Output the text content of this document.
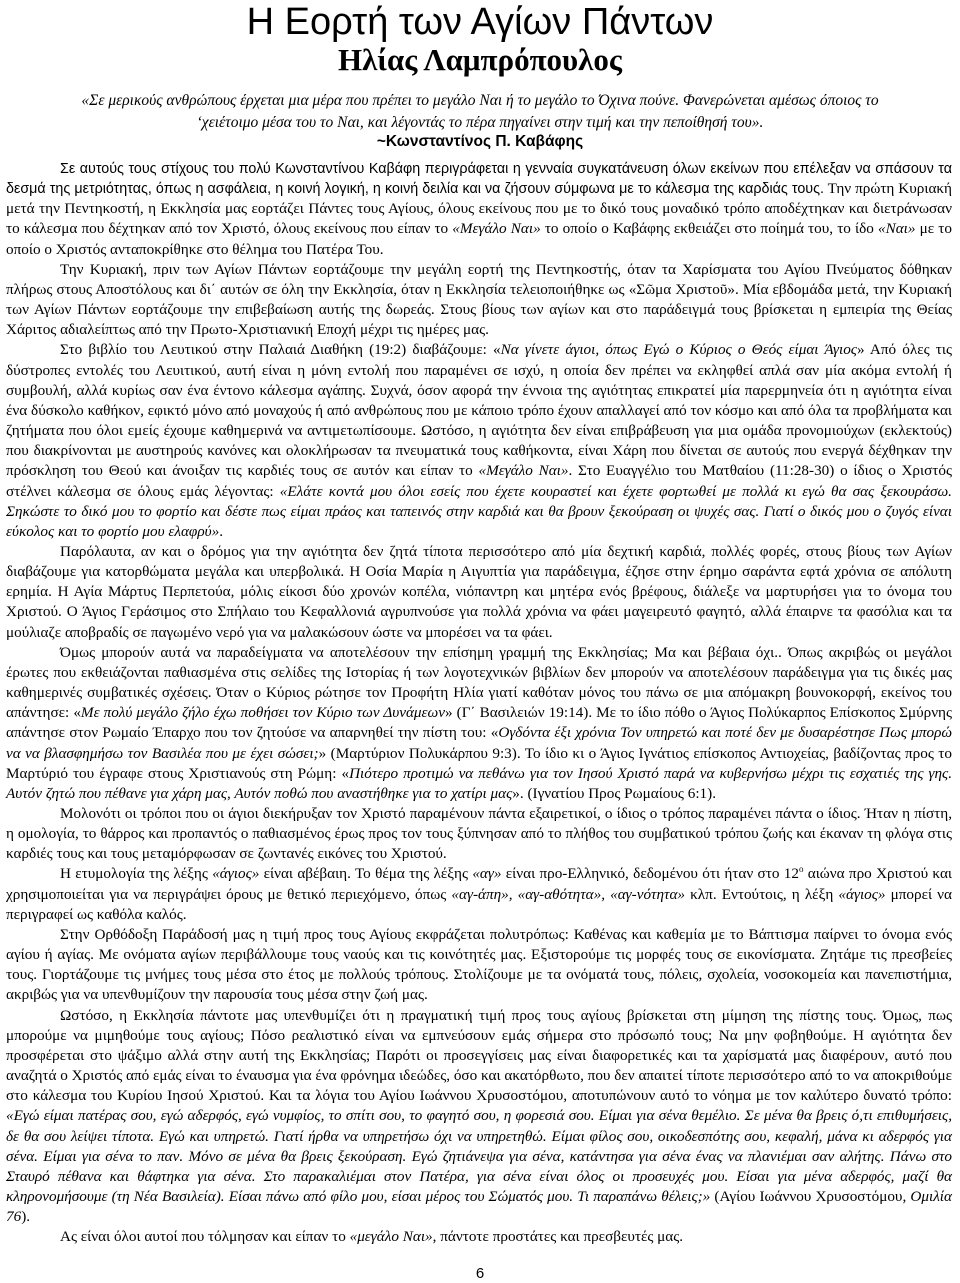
Η Εορτή των Αγίων Πάντων
Ηλίας Λαμπρόπουλος

«Σε μερικούς ανθρώπους έρχεται μια μέρα που πρέπει το μεγάλο Ναι ή το μεγάλο το Όχινα πούνε. Φανερώνεται αμέσως όποιος το ‘χειέτοιμο μέσα του το Ναι, και λέγοντάς το πέρα πηγαίνει στην τιμή και την πεποίθησή του».

~Κωνσταντίνος Π. Καβάφης

Σε αυτούς τους στίχους του πολύ Κωνσταντίνου Καβάφη περιγράφεται η γενναία συγκατάνευση όλων εκείνων που επέλεξαν να σπάσουν τα δεσμά της μετριότητας, όπως η ασφάλεια, η κοινή λογική, η κοινή δειλία και να ζήσουν σύμφωνα με το κάλεσμα της καρδιάς τους. Την πρώτη Κυριακή μετά την Πεντηκοστή, η Εκκλησία μας εορτάζει Πάντες τους Αγίους, όλους εκείνους που με το δικό τους μοναδικό τρόπο αποδέχτηκαν και διετράνωσαν το κάλεσμα που δέχτηκαν από τον Χριστό, όλους εκείνους που είπαν το «Μεγάλο Ναι» το οποίο ο Καβάφης εκθειάζει στο ποίημά του, το ίδο «Ναι» με το οποίο ο Χριστός ανταποκρίθηκε στο θέλημα του Πατέρα Του.

Την Κυριακή, πριν των Αγίων Πάντων εορτάζουμε την μεγάλη εορτή της Πεντηκοστής, όταν τα Χαρίσματα του Αγίου Πνεύματος δόθηκαν πλήρως στους Αποστόλους και δι΄ αυτών σε όλη την Εκκλησία, όταν η Εκκλησία τελειοποιήθηκε ως «Σῶμα Χριστοῦ». Μία εβδομάδα μετά, την Κυριακή των Αγίων Πάντων εορτάζουμε την επιβεβαίωση αυτής της δωρεάς. Στους βίους των αγίων και στο παράδειγμά τους βρίσκεται η εμπειρία της Θείας Χάριτος αδιαλείπτως από την Πρωτο-Χριστιανική Εποχή μέχρι τις ημέρες μας.

Στο βιβλίο του Λευτικού στην Παλαιά Διαθήκη (19:2) διαβάζουμε: «Να γίνετε άγιοι, όπως Εγώ ο Κύριος ο Θεός είμαι Άγιος» Από όλες τις δύστροπες εντολές του Λευιτικού, αυτή είναι η μόνη εντολή που παραμένει σε ισχύ, η οποία δεν πρέπει να εκληφθεί απλά σαν μία ακόμα εντολή ή συμβουλή, αλλά κυρίως σαν ένα έντονο κάλεσμα αγάπης. Συχνά, όσον αφορά την έννοια της αγιότητας επικρατεί μία παρερμηνεία ότι η αγιότητα είναι ένα δύσκολο καθήκον, εφικτό μόνο από μοναχούς ή από ανθρώπους που με κάποιο τρόπο έχουν απαλλαγεί από τον κόσμο και από όλα τα προβλήματα και ζητήματα που όλοι εμείς έχουμε καθημερινά να αντιμετωπίσουμε. Ωστόσο, η αγιότητα δεν είναι επιβράβευση για μια ομάδα προνομιούχων (εκλεκτούς) που διακρίνονται με αυστηρούς κανόνες και ολοκλήρωσαν τα πνευματικά τους καθήκοντα, είναι Χάρη που δίνεται σε αυτούς που ενεργά δέχθηκαν την πρόσκληση του Θεού και άνοιξαν τις καρδιές τους σε αυτόν και είπαν το «Μεγάλο Ναι». Στο Ευαγγέλιο του Ματθαίου (11:28-30) ο ίδιος ο Χριστός στέλνει κάλεσμα σε όλους εμάς λέγοντας: «Ελάτε κοντά μου όλοι εσείς που έχετε κουραστεί και έχετε φορτωθεί με πολλά κι εγώ θα σας ξεκουράσω. Σηκώστε το δικό μου το φορτίο και δέστε πως είμαι πράος και ταπεινός στην καρδιά και θα βρουν ξεκούραση οι ψυχές σας. Γιατί ο δικός μου ο ζυγός είναι εύκολος και το φορτίο μου ελαφρύ».

Παρόλαυτα, αν και ο δρόμος για την αγιότητα δεν ζητά τίποτα περισσότερο από μία δεχτική καρδιά, πολλές φορές, στους βίους των Αγίων διαβάζουμε για κατορθώματα μεγάλα και υπερβολικά. Η Οσία Μαρία η Αιγυπτία για παράδειγμα, έζησε στην έρημο σαράντα εφτά χρόνια σε απόλυτη ερημία. Η Αγία Μάρτυς Περπετούα, μόλις είκοσι δύο χρονών κοπέλα, νιόπαντρη και μητέρα ενός βρέφους, διάλεξε να μαρτυρήσει για το όνομα του Χριστού. Ο Άγιος Γεράσιμος στο Σπήλαιο του Κεφαλλονιά αγρυπνούσε για πολλά χρόνια να φάει μαγειρευτό φαγητό, αλλά έπαιρνε τα φασόλια και τα μούλιαζε αποβραδίς σε παγωμένο νερό για να μαλακώσουν ώστε να μπορέσει να τα φάει.

Όμως μπορούν αυτά να παραδείγματα να αποτελέσουν την επίσημη γραμμή της Εκκλησίας; Μα και βέβαια όχι.. Όπως ακριβώς οι μεγάλοι έρωτες που εκθειάζονται παθιασμένα στις σελίδες της Ιστορίας ή των λογοτεχνικών βιβλίων δεν μπορούν να αποτελέσουν παράδειγμα για τις δικές μας καθημερινές συμβατικές σχέσεις. Όταν ο Κύριος ρώτησε τον Προφήτη Ηλία γιατί καθόταν μόνος του πάνω σε μια απόμακρη βουνοκορφή, εκείνος του απάντησε: «Με πολύ μεγάλο ζήλο έχω ποθήσει τον Κύριο των Δυνάμεων» (Γ΄ Βασιλειών 19:14). Με το ίδιο πόθο ο Άγιος Πολύκαρπος Επίσκοπος Σμύρνης απάντησε στον Ρωμαίο Έπαρχο που τον ζητούσε να απαρνηθεί την πίστη του: «Ογδόντα έξι χρόνια Τον υπηρετώ και ποτέ δεν με δυσαρέστησε Πως μπορώ να να βλασφημήσω τον Βασιλέα που με έχει σώσει;» (Μαρτύριον Πολυκάρπου 9:3). Το ίδιο κι ο Άγιος Ιγνάτιος επίσκοπος Αντιοχείας, βαδίζοντας προς το Μαρτύριό του έγραφε στους Χριστιανούς στη Ρώμη: «Πιότερο προτιμώ να πεθάνω για τον Ιησού Χριστό παρά να κυβερνήσω μέχρι τις εσχατιές της γης. Αυτόν ζητώ που πέθανε για χάρη μας, Αυτόν ποθώ που αναστήθηκε για το χατίρι μας». (Ιγνατίου Προς Ρωμαίους 6:1).

Μολονότι οι τρόποι που οι άγιοι διεκήρυξαν τον Χριστό παραμένουν πάντα εξαιρετικοί, ο ίδιος ο τρόπος παραμένει πάντα ο ίδιος. Ήταν η πίστη, η ομολογία, το θάρρος και προπαντός ο παθιασμένος έρως προς τον τους ξύπνησαν από το πλήθος του συμβατικού τρόπου ζωής και έκαναν τη φλόγα στις καρδιές τους και τους μεταμόρφωσαν σε ζωντανές εικόνες του Χριστού.

Η ετυμολογία της λέξης «άγιος» είναι αβέβαιη. Το θέμα της λέξης «αγ» είναι προ-Ελληνικό, δεδομένου ότι ήταν στο $12^o$ αιώνα προ Χριστού και χρησιμοποιείται για να περιγράψει όρους με θετικό περιεχόμενο, όπως «αγ-άπη», «αγ-αθότητα», «αγ-νότητα» κλπ. Εντούτοις, η λέξη «άγιος» μπορεί να περιγραφεί ως καθόλα καλός.

Στην Ορθόδοξη Παράδοσή μας η τιμή προς τους Αγίους εκφράζεται πολυτρόπως: Καθένας και καθεμία με το Βάπτισμα παίρνει το όνομα ενός αγίου ή αγίας. Με ονόματα αγίων περιβάλλουμε τους ναούς και τις κοινότητές μας. Εξιστορούμε τις μορφές τους σε εικονίσματα. Ζητάμε τις πρεσβείες τους. Γιορτάζουμε τις μνήμες τους μέσα στο έτος με πολλούς τρόπους. Στολίζουμε με τα ονόματά τους, πόλεις, σχολεία, νοσοκομεία και πανεπιστήμια, ακριβώς για να υπενθυμίζουν την παρουσία τους μέσα στην ζωή μας.

Ωστόσο, η Εκκλησία πάντοτε μας υπενθυμίζει ότι η πραγματική τιμή προς τους αγίους βρίσκεται στη μίμηση της πίστης τους. Όμως, πως μπορούμε να μιμηθούμε τους αγίους; Πόσο ρεαλιστικό είναι να εμπνεύσουν εμάς σήμερα στο πρόσωπό τους; Να μην φοβηθούμε. Η αγιότητα δεν προσφέρεται στο ψάξιμο αλλά στην αυτή της Εκκλησίας; Παρότι οι προσεγγίσεις μας είναι διαφορετικές και τα χαρίσματά μας διαφέρουν, αυτό που αναζητά ο Χριστός από εμάς είναι το έναυσμα για ένα φρόνημα ιδεώδες, όσο και ακατόρθωτο, που δεν απαιτεί τίποτε περισσότερο από το να αποκριθούμε στο κάλεσμα του Κυρίου Ιησού Χριστού. Και τα λόγια του Αγίου Ιωάννου Χρυσοστόμου, αποτυπώνουν αυτό το νόημα με τον καλύτερο δυνατό τρόπο: «Εγώ είμαι πατέρας σου, εγώ αδερφός, εγώ νυμφίος, το σπίτι σου, το φαγητό σου, η φορεσιά σου. Είμαι για σένα θεμέλιο. Σε μένα θα βρεις ό,τι επιθυμήσεις, δε θα σου λείψει τίποτα. Εγώ και υπηρετώ. Γιατί ήρθα να υπηρετήσω όχι να υπηρετηθώ. Είμαι φίλος σου, οικοδεσπότης σου, κεφαλή, μάνα κι αδερφός για σένα. Είμαι για σένα το παν. Μόνο σε μένα θα βρεις ξεκούραση. Εγώ ζητιάνεψα για σένα, κατάντησα για σένα ένας να πλανιέμαι σαν αλήτης. Πάνω στο Σταυρό πέθανα και θάφτηκα για σένα. Στο παρακαλιέμαι στον Πατέρα, για σένα είναι όλος οι προσευχές μου. Είσαι για μένα αδερφός, μαζί θα κληρονομήσουμε (τη Νέα Βασιλεία). Είσαι πάνω από φίλο μου, είσαι μέρος του Σώματός μου. Τι παραπάνω θέλεις;» (Αγίου Ιωάννου Χρυσοστόμου, Ομιλία 76).

Ας είναι όλοι αυτοί που τόλμησαν και είπαν το «μεγάλο Ναι», πάντοτε προστάτες και πρεσβευτές μας.

6
